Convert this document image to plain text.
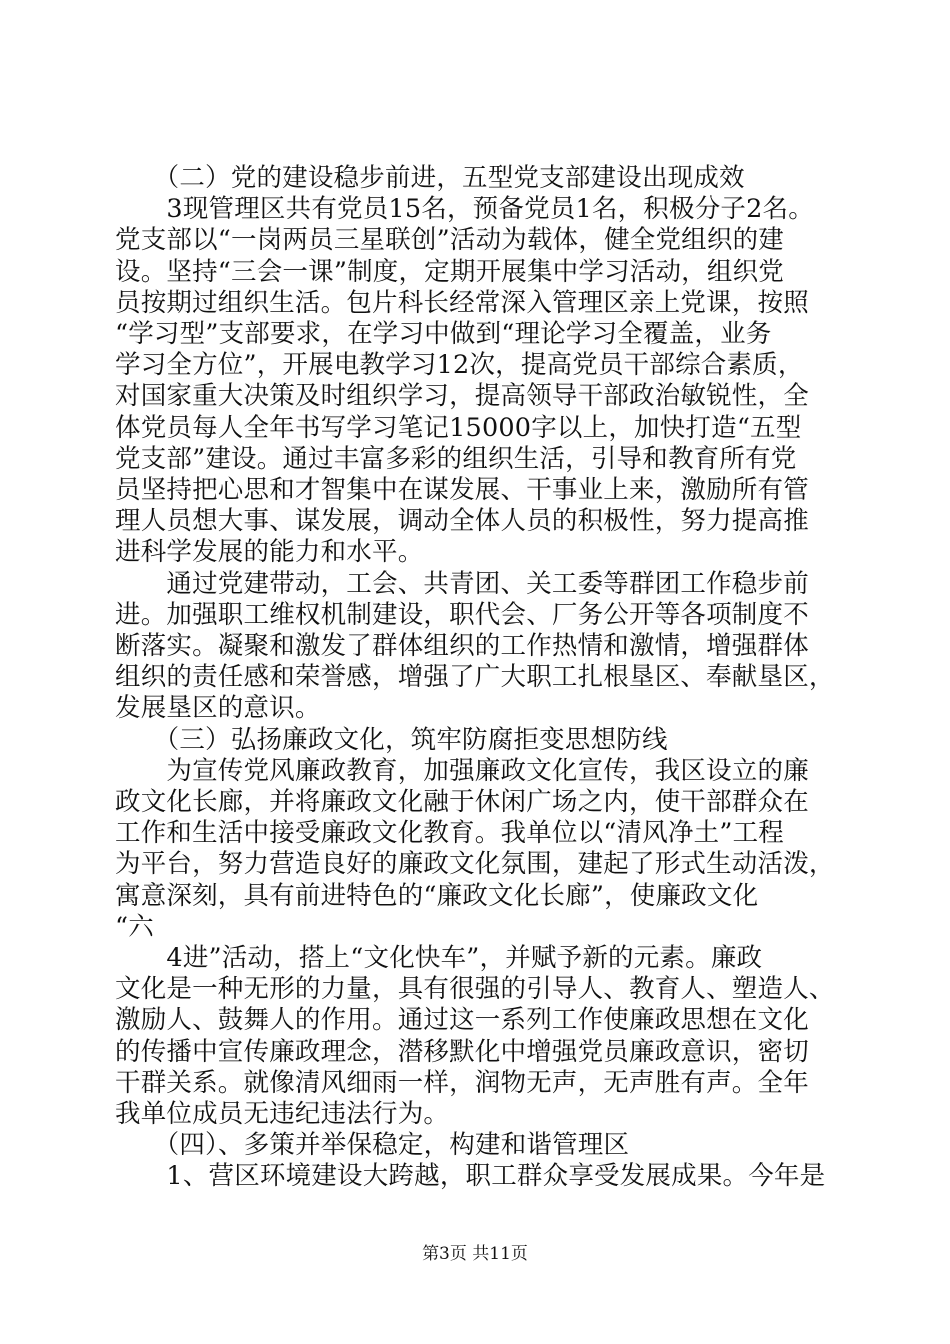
　　（二）党的建设稳步前进，五型党支部建设出现成效
　　3现管理区共有党员15名，预备党员1名，积极分子2名。
党支部以“一岗两员三星联创”活动为载体，健全党组织的建
设。坚持“三会一课”制度，定期开展集中学习活动，组织党
员按期过组织生活。包片科长经常深入管理区亲上党课，按照
“学习型”支部要求，在学习中做到“理论学习全覆盖，业务
学习全方位”，开展电教学习12次，提高党员干部综合素质，
对国家重大决策及时组织学习，提高领导干部政治敏锐性，全
体党员每人全年书写学习笔记15000字以上，加快打造“五型
党支部”建设。通过丰富多彩的组织生活，引导和教育所有党
员坚持把心思和才智集中在谋发展、干事业上来，激励所有管
理人员想大事、谋发展，调动全体人员的积极性，努力提高推
进科学发展的能力和水平。
　　通过党建带动，工会、共青团、关工委等群团工作稳步前
进。加强职工维权机制建设，职代会、厂务公开等各项制度不
断落实。凝聚和激发了群体组织的工作热情和激情，增强群体
组织的责任感和荣誉感，增强了广大职工扎根垦区、奉献垦区，
发展垦区的意识。
　　（三）弘扬廉政文化，筑牢防腐拒变思想防线
　　为宣传党风廉政教育，加强廉政文化宣传，我区设立的廉
政文化长廊，并将廉政文化融于休闲广场之内，使干部群众在
工作和生活中接受廉政文化教育。我单位以“清风净土”工程
为平台，努力营造良好的廉政文化氛围，建起了形式生动活泼，
寓意深刻，具有前进特色的“廉政文化长廊”，使廉政文化
“六
　　4进”活动，搭上“文化快车”，并赋予新的元素。廉政
文化是一种无形的力量，具有很强的引导人、教育人、塑造人、
激励人、鼓舞人的作用。通过这一系列工作使廉政思想在文化
的传播中宣传廉政理念，潜移默化中增强党员廉政意识，密切
干群关系。就像清风细雨一样，润物无声，无声胜有声。全年
我单位成员无违纪违法行为。
　　（四）、多策并举保稳定，构建和谐管理区
　　1、营区环境建设大跨越，职工群众享受发展成果。今年是
第3页 共11页
